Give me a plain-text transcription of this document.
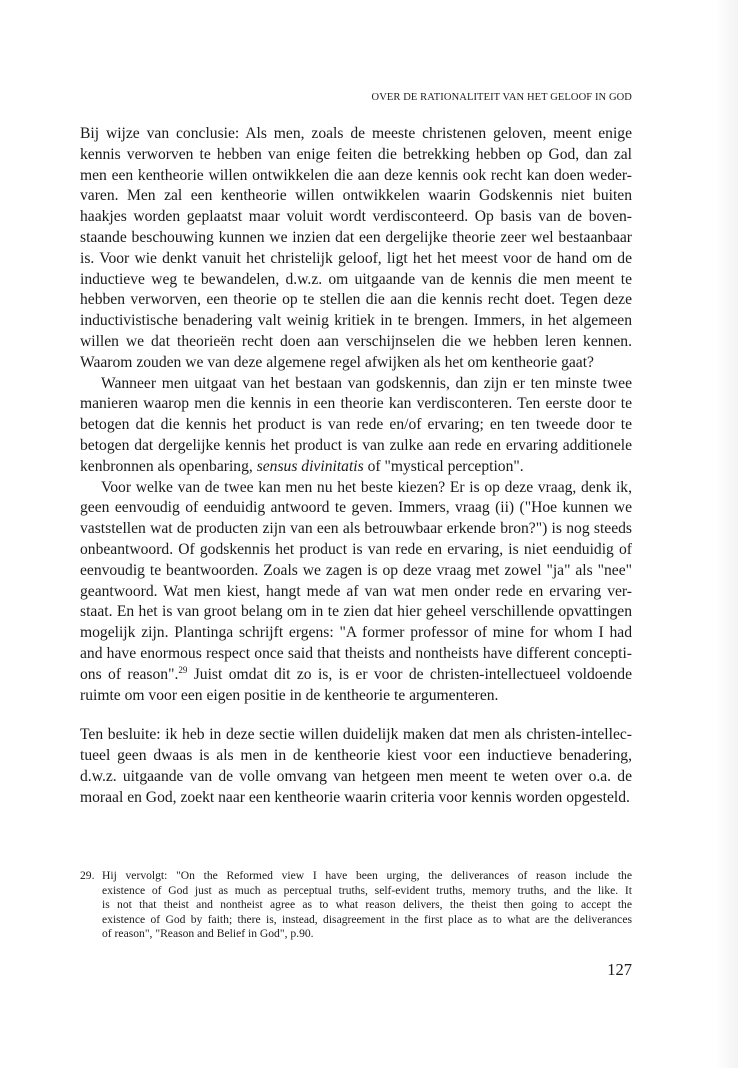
OVER DE RATIONALITEIT VAN HET GELOOF IN GOD
Bij wijze van conclusie: Als men, zoals de meeste christenen geloven, meent enige
kennis verworven te hebben van enige feiten die betrekking hebben op God, dan zal
men een kentheorie willen ontwikkelen die aan deze kennis ook recht kan doen weder-
varen. Men zal een kentheorie willen ontwikkelen waarin Godskennis niet buiten
haakjes worden geplaatst maar voluit wordt verdisconteerd. Op basis van de boven-
staande beschouwing kunnen we inzien dat een dergelijke theorie zeer wel bestaanbaar
is. Voor wie denkt vanuit het christelijk geloof, ligt het het meest voor de hand om de
inductieve weg te bewandelen, d.w.z. om uitgaande van de kennis die men meent te
hebben verworven, een theorie op te stellen die aan die kennis recht doet. Tegen deze
inductivistische benadering valt weinig kritiek in te brengen. Immers, in het algemeen
willen we dat theorieën recht doen aan verschijnselen die we hebben leren kennen.
Waarom zouden we van deze algemene regel afwijken als het om kentheorie gaat?
Wanneer men uitgaat van het bestaan van godskennis, dan zijn er ten minste twee
manieren waarop men die kennis in een theorie kan verdisconteren. Ten eerste door te
betogen dat die kennis het product is van rede en/of ervaring; en ten tweede door te
betogen dat dergelijke kennis het product is van zulke aan rede en ervaring additionele
kenbronnen als openbaring, sensus divinitatis of "mystical perception".
Voor welke van de twee kan men nu het beste kiezen? Er is op deze vraag, denk ik,
geen eenvoudig of eenduidig antwoord te geven. Immers, vraag (ii) ("Hoe kunnen we
vaststellen wat de producten zijn van een als betrouwbaar erkende bron?") is nog steeds
onbeantwoord. Of godskennis het product is van rede en ervaring, is niet eenduidig of
eenvoudig te beantwoorden. Zoals we zagen is op deze vraag met zowel "ja" als "nee"
geantwoord. Wat men kiest, hangt mede af van wat men onder rede en ervaring ver-
staat. En het is van groot belang om in te zien dat hier geheel verschillende opvattingen
mogelijk zijn. Plantinga schrijft ergens: "A former professor of mine for whom I had
and have enormous respect once said that theists and nontheists have different concepti-
ons of reason".$^{29}$ Juist omdat dit zo is, is er voor de christen-intellectueel voldoende
ruimte om voor een eigen positie in de kentheorie te argumenteren.
Ten besluite: ik heb in deze sectie willen duidelijk maken dat men als christen-intellec-
tueel geen dwaas is als men in de kentheorie kiest voor een inductieve benadering,
d.w.z. uitgaande van de volle omvang van hetgeen men meent te weten over o.a. de
moraal en God, zoekt naar een kentheorie waarin criteria voor kennis worden opgesteld.
29. Hij vervolgt: "On the Reformed view I have been urging, the deliverances of reason include the
existence of God just as much as perceptual truths, self-evident truths, memory truths, and the like. It
is not that theist and nontheist agree as to what reason delivers, the theist then going to accept the
existence of God by faith; there is, instead, disagreement in the first place as to what are the deliverances
of reason", "Reason and Belief in God", p.90.
127
